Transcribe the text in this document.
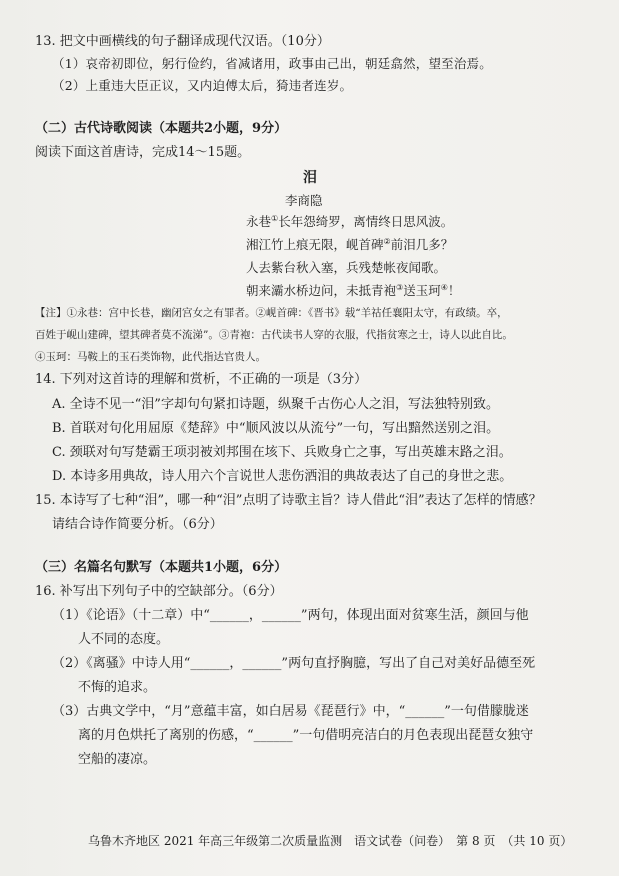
13. 把文中画横线的句子翻译成现代汉语。（10分）
（1）哀帝初即位，躬行俭约，省减诸用，政事由己出，朝廷翕然，望至治焉。
（2）上重违大臣正议，又内迫傅太后，猗违者连岁。
（二）古代诗歌阅读（本题共2小题，9分）
阅读下面这首唐诗，完成14～15题。
泪
李商隐
永巷①长年怨绮罗，离情终日思风波。
湘江竹上痕无限，岘首碑②前泪几多？
人去紫台秋入塞，兵残楚帐夜闻歌。
朝来灞水桥边问，未抵青袍③送玉珂④！
【注】①永巷：宫中长巷，幽闭宫女之有罪者。②岘首碑：《晋书》载“羊祜任襄阳太守，有政绩。卒，
百姓于岘山建碑，望其碑者莫不流涕”。③青袍：古代读书人穿的衣服，代指贫寒之士，诗人以此自比。
④玉珂：马鞍上的玉石类饰物，此代指达官贵人。
14. 下列对这首诗的理解和赏析，不正确的一项是（3分）
A. 全诗不见一“泪”字却句句紧扣诗题，纵聚千古伤心人之泪，写法独特别致。
B. 首联对句化用屈原《楚辞》中“顺风波以从流兮”一句，写出黯然送别之泪。
C. 颈联对句写楚霸王项羽被刘邦围在垓下、兵败身亡之事，写出英雄末路之泪。
D. 本诗多用典故，诗人用六个言说世人悲伤洒泪的典故表达了自己的身世之悲。
15. 本诗写了七种“泪”，哪一种“泪”点明了诗歌主旨？诗人借此“泪”表达了怎样的情感？
请结合诗作简要分析。（6分）
（三）名篇名句默写（本题共1小题，6分）
16. 补写出下列句子中的空缺部分。（6分）
（1）《论语》（十二章）中“______，______”两句，体现出面对贫寒生活，颜回与他
人不同的态度。
（2）《离骚》中诗人用“______，______”两句直抒胸臆，写出了自己对美好品德至死
不悔的追求。
（3）古典文学中，“月”意蕴丰富，如白居易《琵琶行》中，“______”一句借朦胧迷
离的月色烘托了离别的伤感，“______”一句借明亮洁白的月色表现出琵琶女独守
空船的凄凉。
乌鲁木齐地区 2021 年高三年级第二次质量监测　语文试卷（问卷）　第 8 页　（共 10 页）
